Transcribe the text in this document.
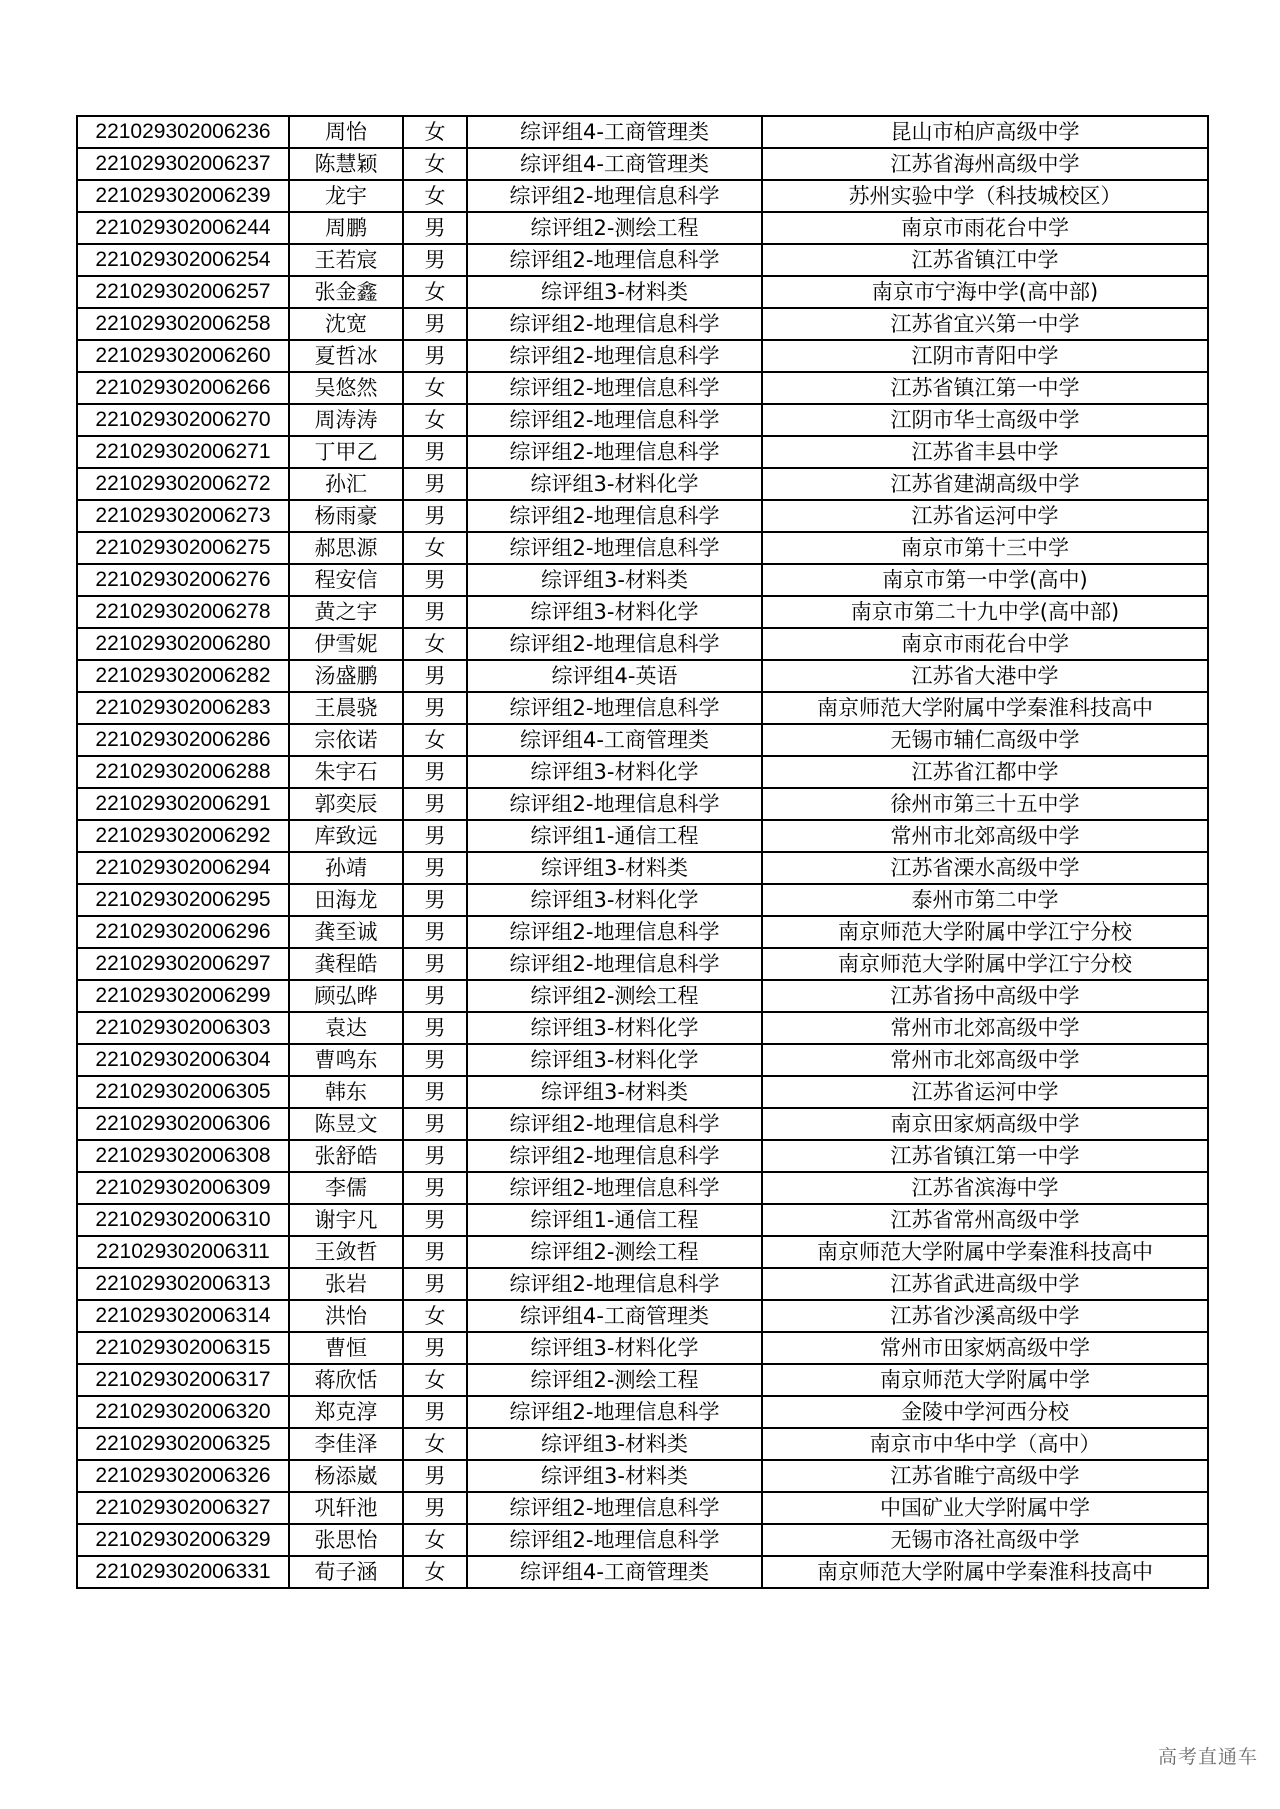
221029302006236	周怡	女	综评组4-工商管理类	昆山市柏庐高级中学
221029302006237	陈慧颖	女	综评组4-工商管理类	江苏省海州高级中学
221029302006239	龙宇	女	综评组2-地理信息科学	苏州实验中学（科技城校区）
221029302006244	周鹏	男	综评组2-测绘工程	南京市雨花台中学
221029302006254	王若宸	男	综评组2-地理信息科学	江苏省镇江中学
221029302006257	张金鑫	女	综评组3-材料类	南京市宁海中学(高中部)
221029302006258	沈宽	男	综评组2-地理信息科学	江苏省宜兴第一中学
221029302006260	夏哲冰	男	综评组2-地理信息科学	江阴市青阳中学
221029302006266	吴悠然	女	综评组2-地理信息科学	江苏省镇江第一中学
221029302006270	周涛涛	女	综评组2-地理信息科学	江阴市华士高级中学
221029302006271	丁甲乙	男	综评组2-地理信息科学	江苏省丰县中学
221029302006272	孙汇	男	综评组3-材料化学	江苏省建湖高级中学
221029302006273	杨雨豪	男	综评组2-地理信息科学	江苏省运河中学
221029302006275	郝思源	女	综评组2-地理信息科学	南京市第十三中学
221029302006276	程安信	男	综评组3-材料类	南京市第一中学(高中)
221029302006278	黄之宇	男	综评组3-材料化学	南京市第二十九中学(高中部)
221029302006280	伊雪妮	女	综评组2-地理信息科学	南京市雨花台中学
221029302006282	汤盛鹏	男	综评组4-英语	江苏省大港中学
221029302006283	王晨骁	男	综评组2-地理信息科学	南京师范大学附属中学秦淮科技高中
221029302006286	宗依诺	女	综评组4-工商管理类	无锡市辅仁高级中学
221029302006288	朱宇石	男	综评组3-材料化学	江苏省江都中学
221029302006291	郭奕辰	男	综评组2-地理信息科学	徐州市第三十五中学
221029302006292	库致远	男	综评组1-通信工程	常州市北郊高级中学
221029302006294	孙靖	男	综评组3-材料类	江苏省溧水高级中学
221029302006295	田海龙	男	综评组3-材料化学	泰州市第二中学
221029302006296	龚至诚	男	综评组2-地理信息科学	南京师范大学附属中学江宁分校
221029302006297	龚程皓	男	综评组2-地理信息科学	南京师范大学附属中学江宁分校
221029302006299	顾弘晔	男	综评组2-测绘工程	江苏省扬中高级中学
221029302006303	袁达	男	综评组3-材料化学	常州市北郊高级中学
221029302006304	曹鸣东	男	综评组3-材料化学	常州市北郊高级中学
221029302006305	韩东	男	综评组3-材料类	江苏省运河中学
221029302006306	陈昱文	男	综评组2-地理信息科学	南京田家炳高级中学
221029302006308	张舒皓	男	综评组2-地理信息科学	江苏省镇江第一中学
221029302006309	李儒	男	综评组2-地理信息科学	江苏省滨海中学
221029302006310	谢宇凡	男	综评组1-通信工程	江苏省常州高级中学
221029302006311	王敛哲	男	综评组2-测绘工程	南京师范大学附属中学秦淮科技高中
221029302006313	张岩	男	综评组2-地理信息科学	江苏省武进高级中学
221029302006314	洪怡	女	综评组4-工商管理类	江苏省沙溪高级中学
221029302006315	曹恒	男	综评组3-材料化学	常州市田家炳高级中学
221029302006317	蒋欣恬	女	综评组2-测绘工程	南京师范大学附属中学
221029302006320	郑克淳	男	综评组2-地理信息科学	金陵中学河西分校
221029302006325	李佳泽	女	综评组3-材料类	南京市中华中学（高中）
221029302006326	杨添崴	男	综评组3-材料类	江苏省睢宁高级中学
221029302006327	巩轩池	男	综评组2-地理信息科学	中国矿业大学附属中学
221029302006329	张思怡	女	综评组2-地理信息科学	无锡市洛社高级中学
221029302006331	荀子涵	女	综评组4-工商管理类	南京师范大学附属中学秦淮科技高中
高考直通车
